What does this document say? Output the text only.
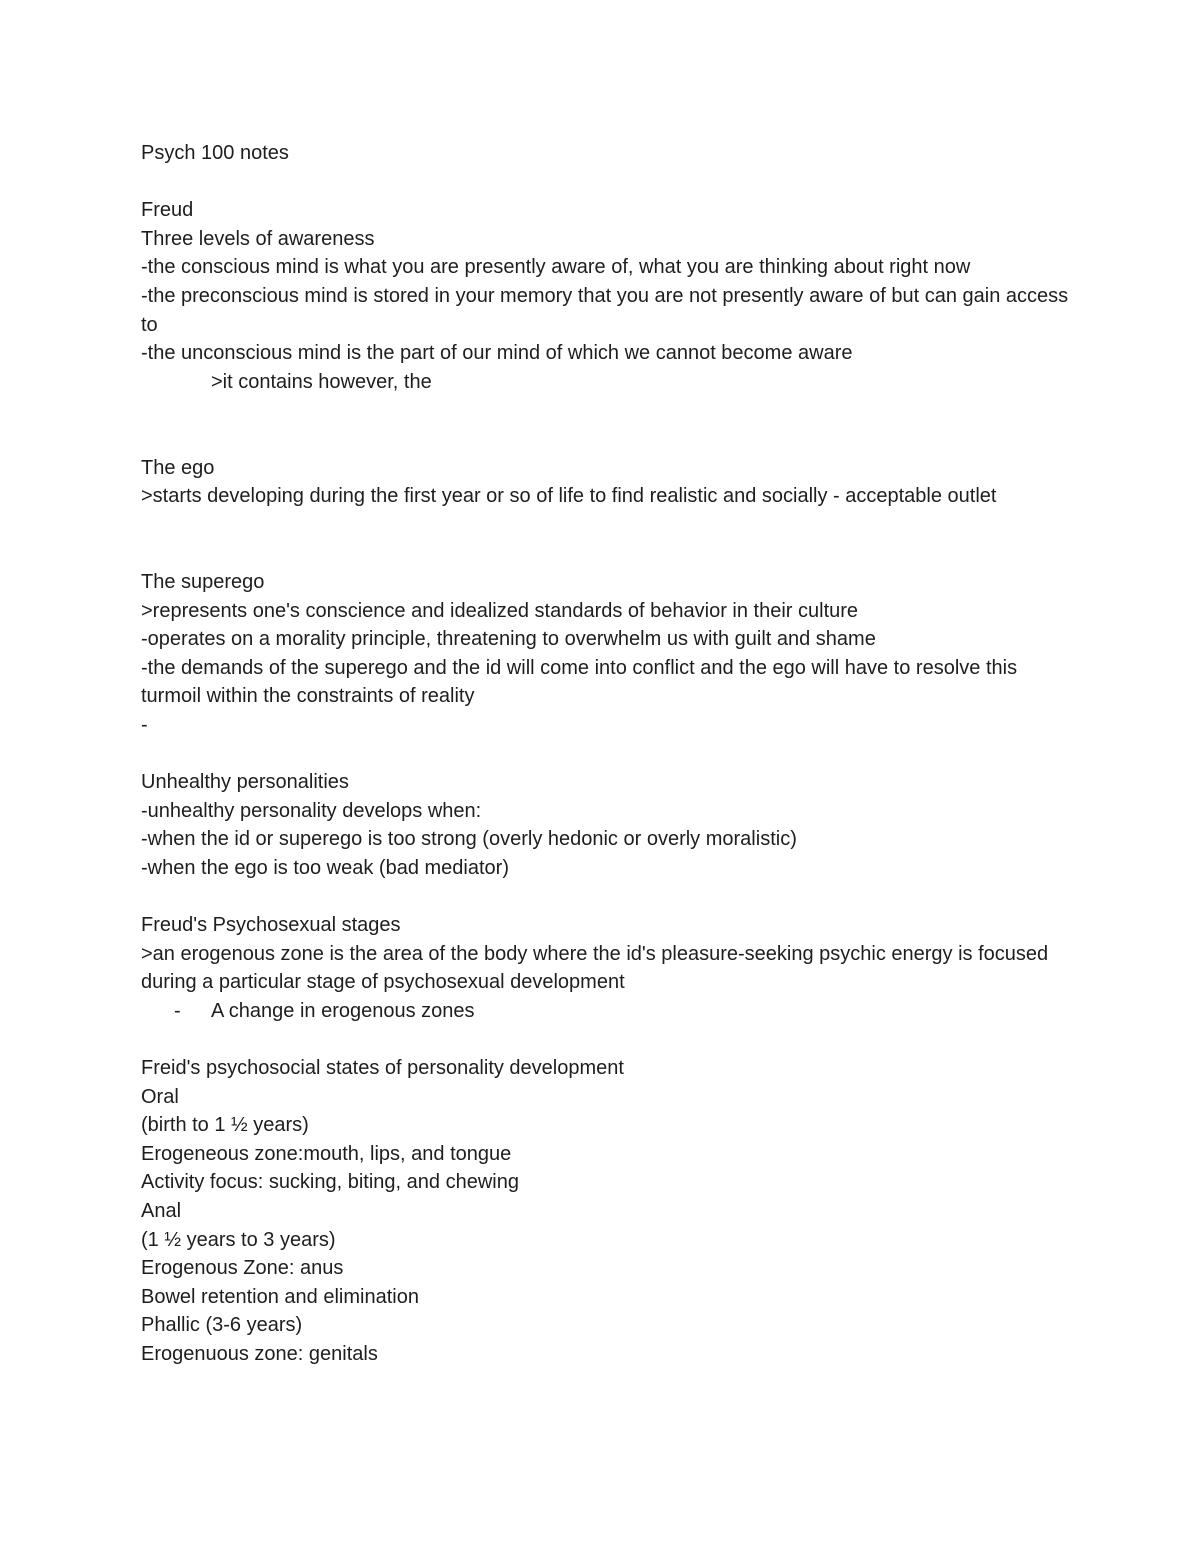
Psych 100 notes

Freud

Three levels of awareness

-the conscious mind is what you are presently aware of, what you are thinking about right now

-the preconscious mind is stored in your memory that you are not presently aware of but can gain access to

-the unconscious mind is the part of our mind of which we cannot become aware

>it contains however, the

The ego

>starts developing during the first year or so of life to find realistic and socially - acceptable outlet

The superego

>represents one's conscience and idealized standards of behavior in their culture

-operates on a morality principle, threatening to overwhelm us with guilt and shame

-the demands of the superego and the id will come into conflict and the ego will have to resolve this turmoil within the constraints of reality

-

Unhealthy personalities

-unhealthy personality develops when:

-when the id or superego is too strong (overly hedonic or overly moralistic)

-when the ego is too weak (bad mediator)

Freud's Psychosexual stages

>an erogenous zone is the area of the body where the id's pleasure-seeking psychic energy is focused during a particular stage of psychosexual development

-	A change in erogenous zones

Freid's psychosocial states of personality development

Oral

(birth to 1 ½ years)

Erogeneous zone:mouth, lips, and tongue

Activity focus: sucking, biting, and chewing

Anal

(1 ½ years to 3 years)

Erogenous Zone: anus

Bowel retention and elimination

Phallic (3-6 years)

Erogenuous zone: genitals
